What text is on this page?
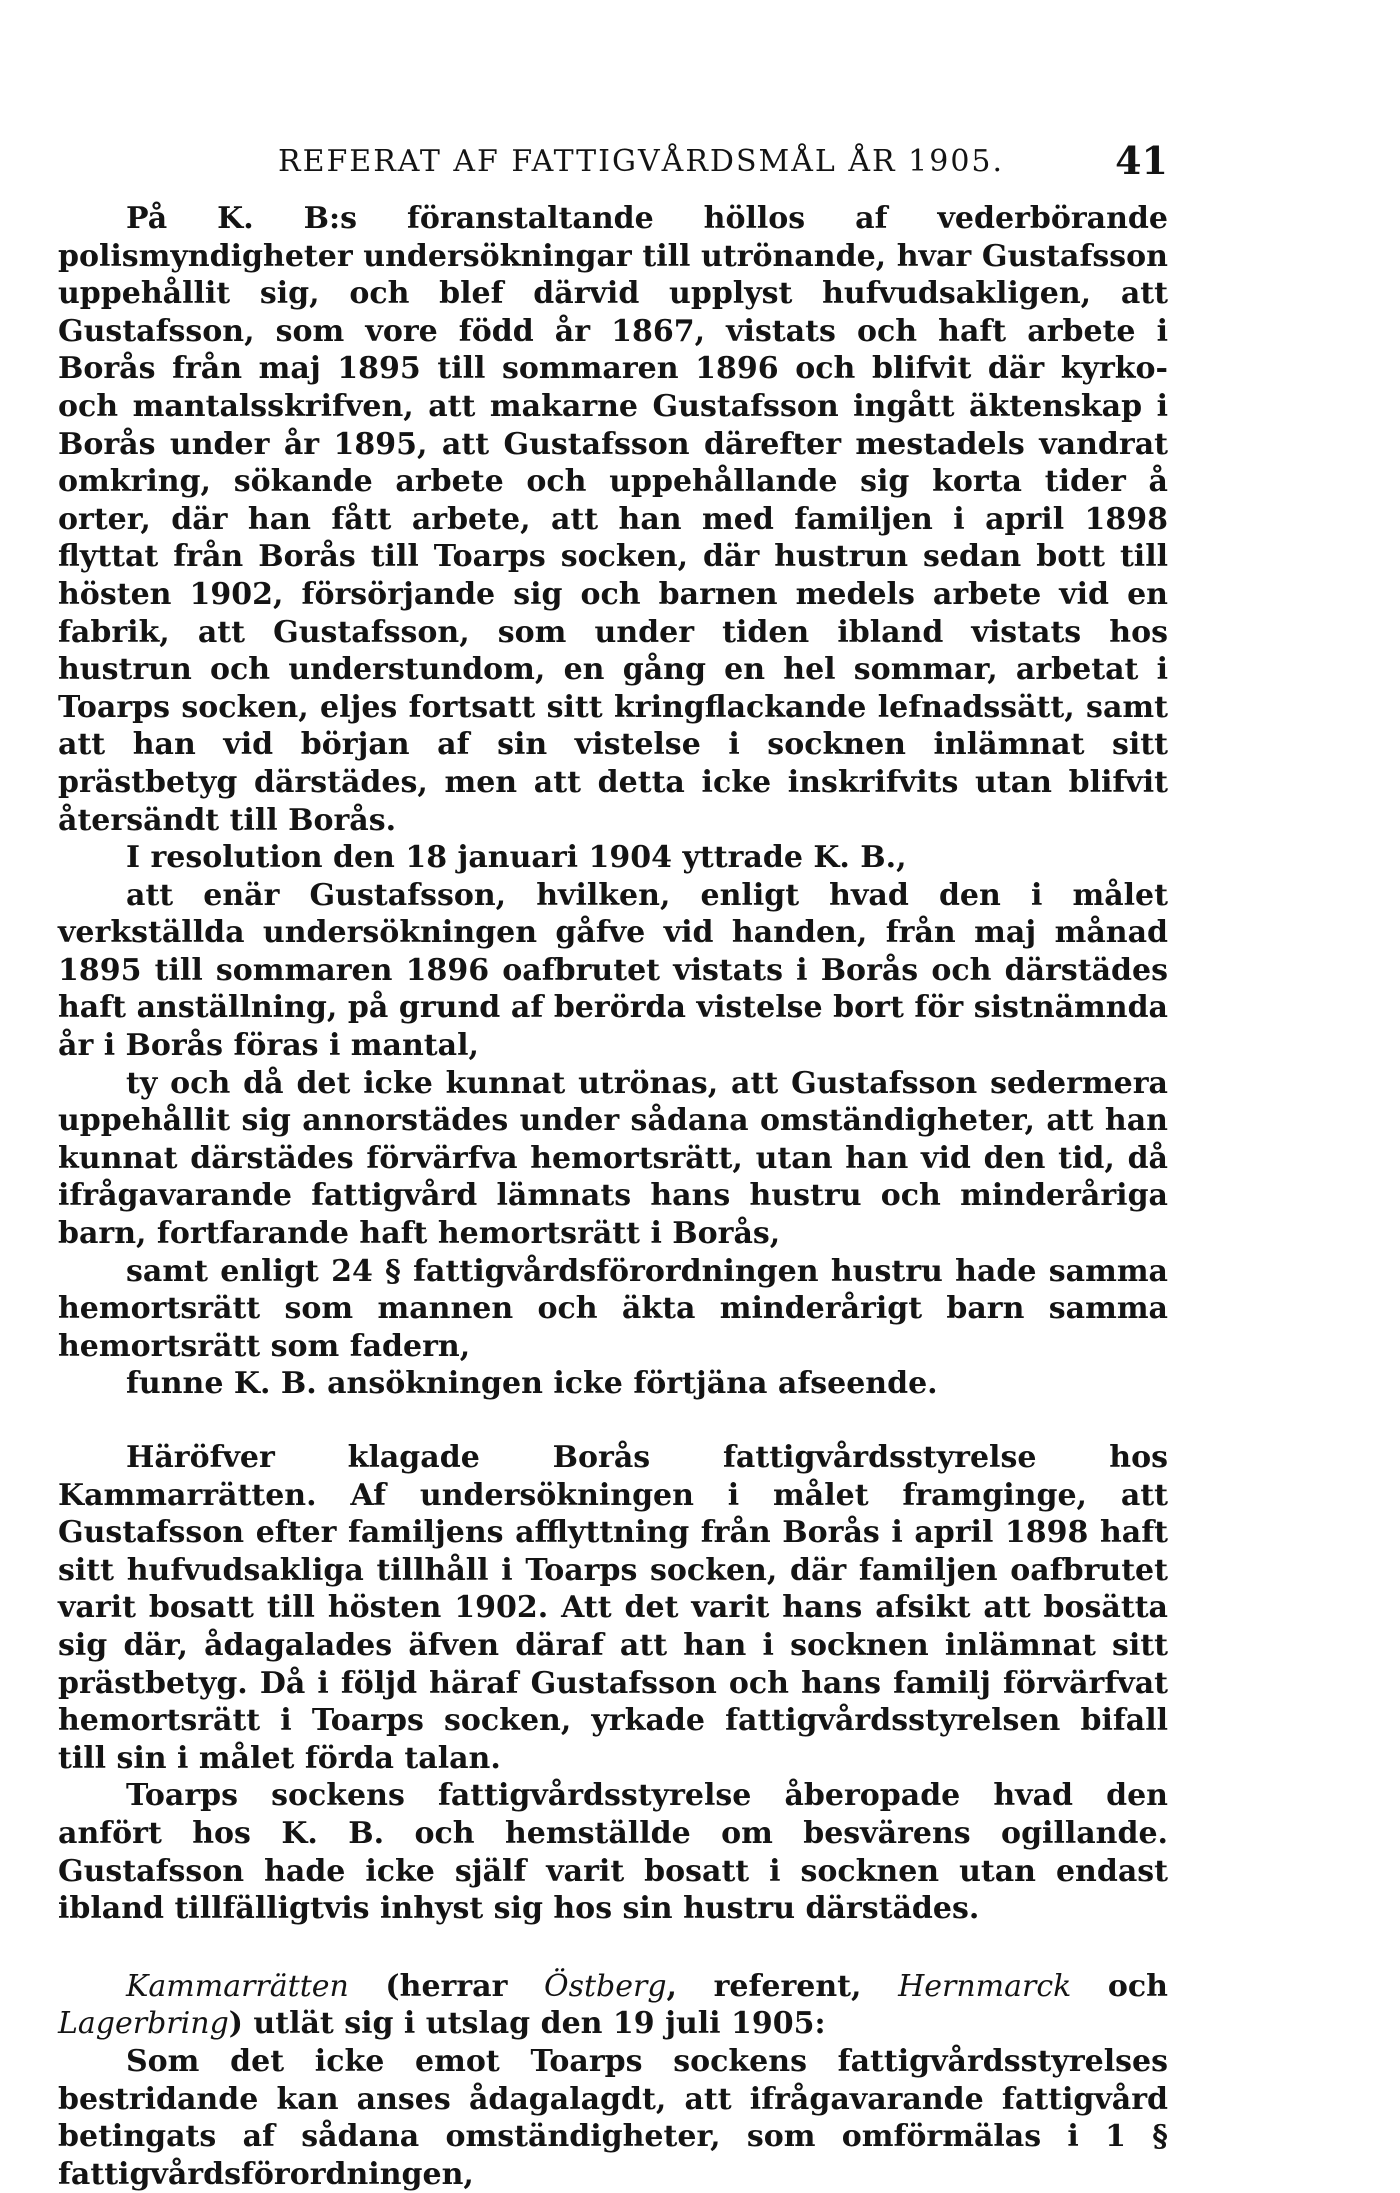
REFERAT AF FATTIGVÅRDSMÅL ÅR 1905.	41

På K. B:s föranstaltande höllos af vederbörande polismyndigheter undersökningar till utrönande, hvar Gustafsson uppehållit sig, och blef därvid upplyst hufvudsakligen, att Gustafsson, som vore född år 1867, vistats och haft arbete i Borås från maj 1895 till sommaren 1896 och blifvit där kyrko- och mantalsskrifven, att makarne Gustafsson ingått äktenskap i Borås under år 1895, att Gustafsson därefter mestadels vandrat omkring, sökande arbete och uppehållande sig korta tider å orter, där han fått arbete, att han med familjen i april 1898 flyttat från Borås till Toarps socken, där hustrun sedan bott till hösten 1902, försörjande sig och barnen medels arbete vid en fabrik, att Gustafsson, som under tiden ibland vistats hos hustrun och understundom, en gång en hel sommar, arbetat i Toarps socken, eljes fortsatt sitt kringflackande lefnadssätt, samt att han vid början af sin vistelse i socknen inlämnat sitt prästbetyg därstädes, men att detta icke inskrifvits utan blifvit återsändt till Borås.

I resolution den 18 januari 1904 yttrade K. B.,

att enär Gustafsson, hvilken, enligt hvad den i målet verkställda undersökningen gåfve vid handen, från maj månad 1895 till sommaren 1896 oafbrutet vistats i Borås och därstädes haft anställning, på grund af berörda vistelse bort för sistnämnda år i Borås föras i mantal,

ty och då det icke kunnat utrönas, att Gustafsson sedermera uppehållit sig annorstädes under sådana omständigheter, att han kunnat därstädes förvärfva hemortsrätt, utan han vid den tid, då ifrågavarande fattigvård lämnats hans hustru och minderåriga barn, fortfarande haft hemortsrätt i Borås,

samt enligt 24 § fattigvårdsförordningen hustru hade samma hemortsrätt som mannen och äkta minderårigt barn samma hemortsrätt som fadern,

funne K. B. ansökningen icke förtjäna afseende.

Häröfver klagade Borås fattigvårdsstyrelse hos Kammarrätten. Af undersökningen i målet framginge, att Gustafsson efter familjens afflyttning från Borås i april 1898 haft sitt hufvudsakliga tillhåll i Toarps socken, där familjen oafbrutet varit bosatt till hösten 1902. Att det varit hans afsikt att bosätta sig där, ådagalades äfven däraf att han i socknen inlämnat sitt prästbetyg. Då i följd häraf Gustafsson och hans familj förvärfvat hemortsrätt i Toarps socken, yrkade fattigvårdsstyrelsen bifall till sin i målet förda talan.

Toarps sockens fattigvårdsstyrelse åberopade hvad den anfört hos K. B. och hemställde om besvärens ogillande. Gustafsson hade icke själf varit bosatt i socknen utan endast ibland tillfälligtvis inhyst sig hos sin hustru därstädes.

Kammarrätten (herrar Östberg, referent, Hernmarck och Lagerbring) utlät sig i utslag den 19 juli 1905:

Som det icke emot Toarps sockens fattigvårdsstyrelses bestridande kan anses ådagalagdt, att ifrågavarande fattigvård betingats af sådana omständigheter, som omförmälas i 1 § fattigvårdsförordningen,
